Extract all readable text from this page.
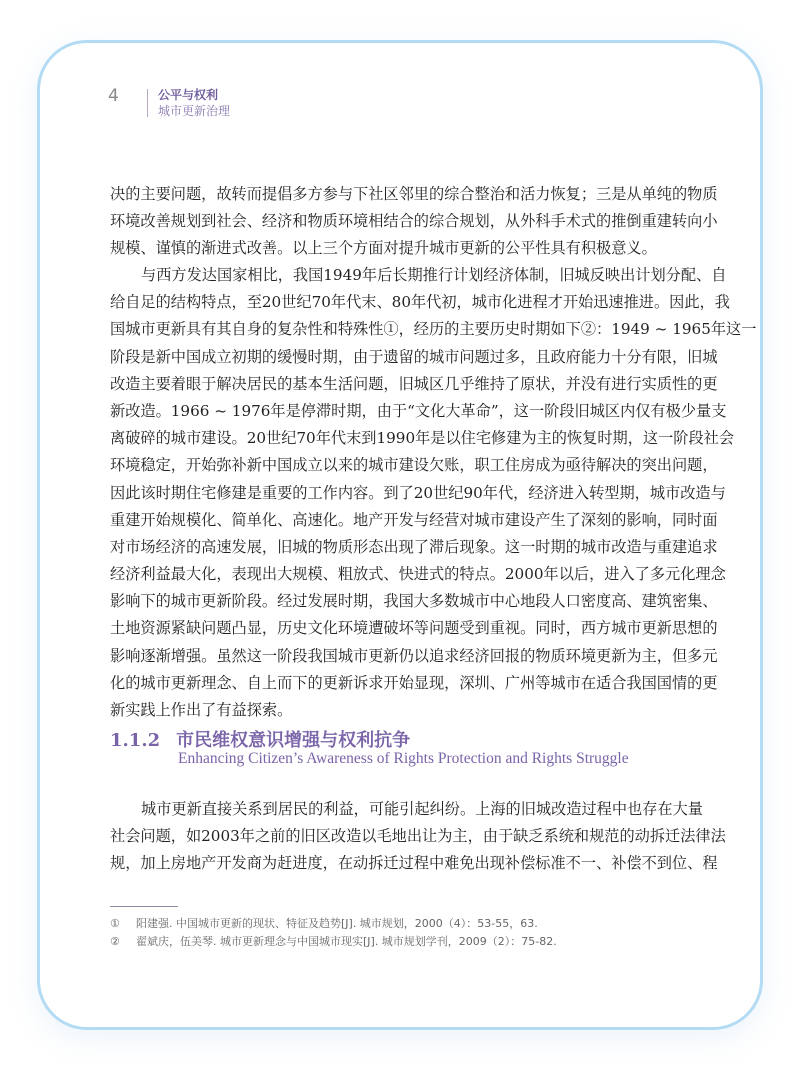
4	公平与权利
城市更新治理
决的主要问题，故转而提倡多方参与下社区邻里的综合整治和活力恢复；三是从单纯的物质
环境改善规划到社会、经济和物质环境相结合的综合规划，从外科手术式的推倒重建转向小
规模、谨慎的渐进式改善。以上三个方面对提升城市更新的公平性具有积极意义。
与西方发达国家相比，我国1949年后长期推行计划经济体制，旧城反映出计划分配、自
给自足的结构特点，至20世纪70年代末、80年代初，城市化进程才开始迅速推进。因此，我
国城市更新具有其自身的复杂性和特殊性①，经历的主要历史时期如下②：1949 ~ 1965年这一
阶段是新中国成立初期的缓慢时期，由于遗留的城市问题过多，且政府能力十分有限，旧城
改造主要着眼于解决居民的基本生活问题，旧城区几乎维持了原状，并没有进行实质性的更
新改造。1966 ~ 1976年是停滞时期，由于“文化大革命”，这一阶段旧城区内仅有极少量支
离破碎的城市建设。20世纪70年代末到1990年是以住宅修建为主的恢复时期，这一阶段社会
环境稳定，开始弥补新中国成立以来的城市建设欠账，职工住房成为亟待解决的突出问题，
因此该时期住宅修建是重要的工作内容。到了20世纪90年代，经济进入转型期，城市改造与
重建开始规模化、简单化、高速化。地产开发与经营对城市建设产生了深刻的影响，同时面
对市场经济的高速发展，旧城的物质形态出现了滞后现象。这一时期的城市改造与重建追求
经济利益最大化，表现出大规模、粗放式、快进式的特点。2000年以后，进入了多元化理念
影响下的城市更新阶段。经过发展时期，我国大多数城市中心地段人口密度高、建筑密集、
土地资源紧缺问题凸显，历史文化环境遭破坏等问题受到重视。同时，西方城市更新思想的
影响逐渐增强。虽然这一阶段我国城市更新仍以追求经济回报的物质环境更新为主，但多元
化的城市更新理念、自上而下的更新诉求开始显现，深圳、广州等城市在适合我国国情的更
新实践上作出了有益探索。
1.1.2 市民维权意识增强与权利抗争
Enhancing Citizen’s Awareness of Rights Protection and Rights Struggle
城市更新直接关系到居民的利益，可能引起纠纷。上海的旧城改造过程中也存在大量
社会问题，如2003年之前的旧区改造以毛地出让为主，由于缺乏系统和规范的动拆迁法律法
规，加上房地产开发商为赶进度，在动拆迁过程中难免出现补偿标准不一、补偿不到位、程
① 阳建强. 中国城市更新的现状、特征及趋势[J]. 城市规划，2000（4）：53-55，63.
② 翟斌庆，伍美琴. 城市更新理念与中国城市现实[J]. 城市规划学刊，2009（2）：75-82.
